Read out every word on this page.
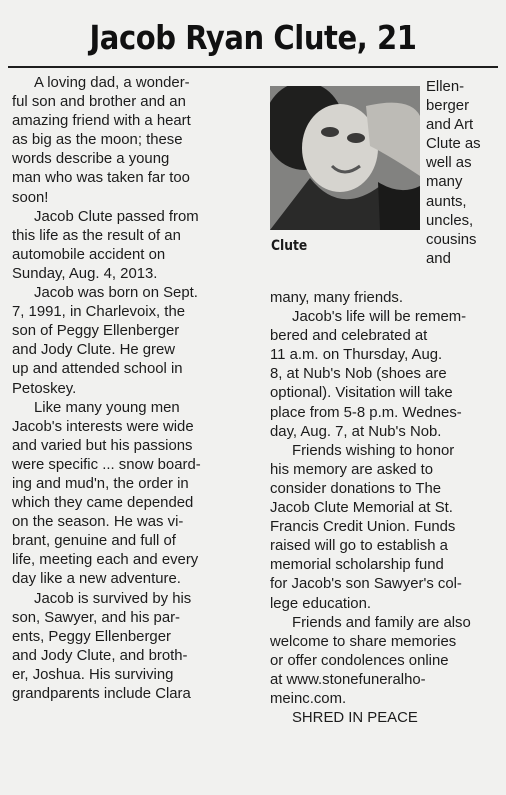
Jacob Ryan Clute, 21
A loving dad, a wonder-
ful son and brother and an
amazing friend with a heart
as big as the moon; these
words describe a young
man who was taken far too
soon!
Jacob Clute passed from
this life as the result of an
automobile accident on
Sunday, Aug. 4, 2013.
Jacob was born on Sept.
7, 1991, in Charlevoix, the
son of Peggy Ellenberger
and Jody Clute. He grew
up and attended school in
Petoskey.
Like many young men
Jacob's interests were wide
and varied but his passions
were specific ... snow board-
ing and mud'n, the order in
which they came depended
on the season. He was vi-
brant, genuine and full of
life, meeting each and every
day like a new adventure.
Jacob is survived by his
son, Sawyer, and his par-
ents, Peggy Ellenberger
and Jody Clute, and broth-
er, Joshua. His surviving
grandparents include Clara
Clute
Ellen-
berger
and Art
Clute as
well as
many
aunts,
uncles,
cousins
and
many, many friends.
Jacob's life will be remem-
bered and celebrated at
11 a.m. on Thursday, Aug.
8, at Nub's Nob (shoes are
optional). Visitation will take
place from 5-8 p.m. Wednes-
day, Aug. 7, at Nub's Nob.
Friends wishing to honor
his memory are asked to
consider donations to The
Jacob Clute Memorial at St.
Francis Credit Union. Funds
raised will go to establish a
memorial scholarship fund
for Jacob's son Sawyer's col-
lege education.
Friends and family are also
welcome to share memories
or offer condolences online
at www.stonefuneralho-
meinc.com.
SHRED IN PEACE
